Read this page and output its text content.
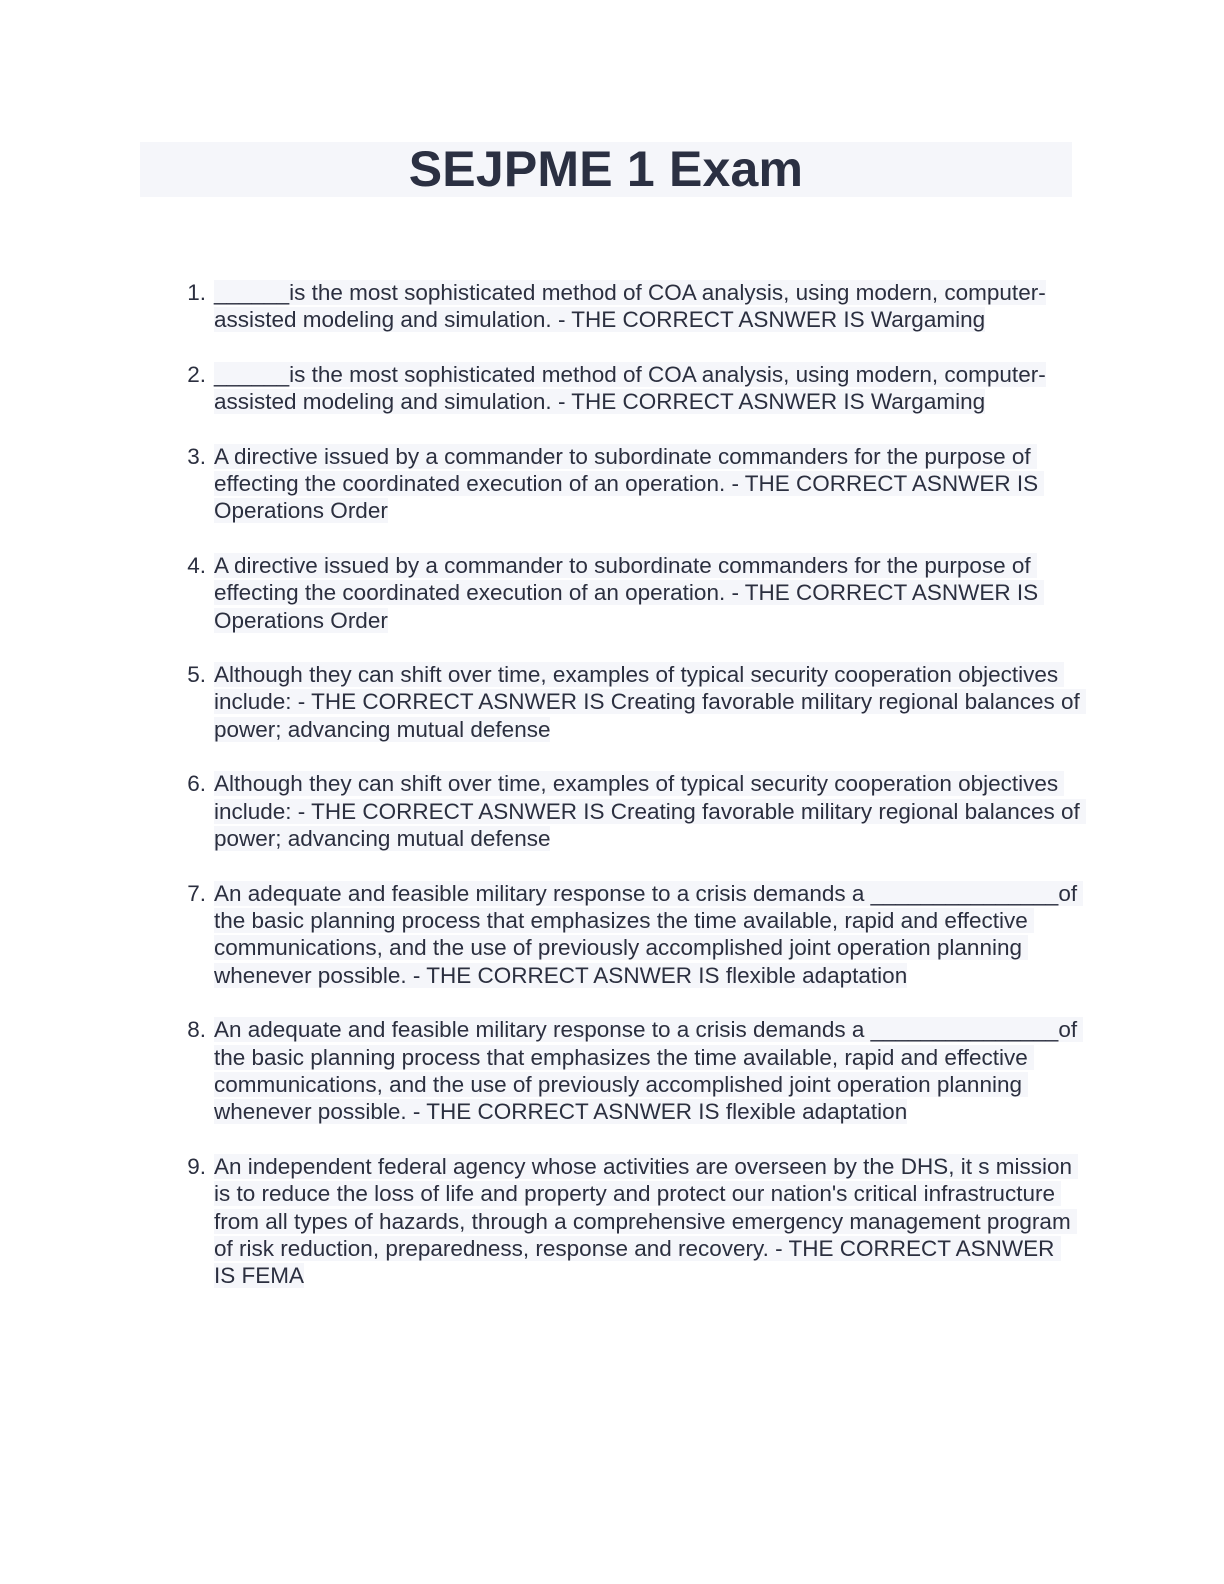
SEJPME 1 Exam
1. ______is the most sophisticated method of COA analysis, using modern, computer-assisted modeling and simulation. - THE CORRECT ASNWER IS Wargaming
2. ______is the most sophisticated method of COA analysis, using modern, computer-assisted modeling and simulation. - THE CORRECT ASNWER IS Wargaming
3. A directive issued by a commander to subordinate commanders for the purpose of effecting the coordinated execution of an operation. - THE CORRECT ASNWER IS Operations Order
4. A directive issued by a commander to subordinate commanders for the purpose of effecting the coordinated execution of an operation. - THE CORRECT ASNWER IS Operations Order
5. Although they can shift over time, examples of typical security cooperation objectives include: - THE CORRECT ASNWER IS Creating favorable military regional balances of power; advancing mutual defense
6. Although they can shift over time, examples of typical security cooperation objectives include: - THE CORRECT ASNWER IS Creating favorable military regional balances of power; advancing mutual defense
7. An adequate and feasible military response to a crisis demands a _______________of the basic planning process that emphasizes the time available, rapid and effective communications, and the use of previously accomplished joint operation planning whenever possible. - THE CORRECT ASNWER IS flexible adaptation
8. An adequate and feasible military response to a crisis demands a _______________of the basic planning process that emphasizes the time available, rapid and effective communications, and the use of previously accomplished joint operation planning whenever possible. - THE CORRECT ASNWER IS flexible adaptation
9. An independent federal agency whose activities are overseen by the DHS, it s mission is to reduce the loss of life and property and protect our nation's critical infrastructure from all types of hazards, through a comprehensive emergency management program of risk reduction, preparedness, response and recovery. - THE CORRECT ASNWER IS FEMA
